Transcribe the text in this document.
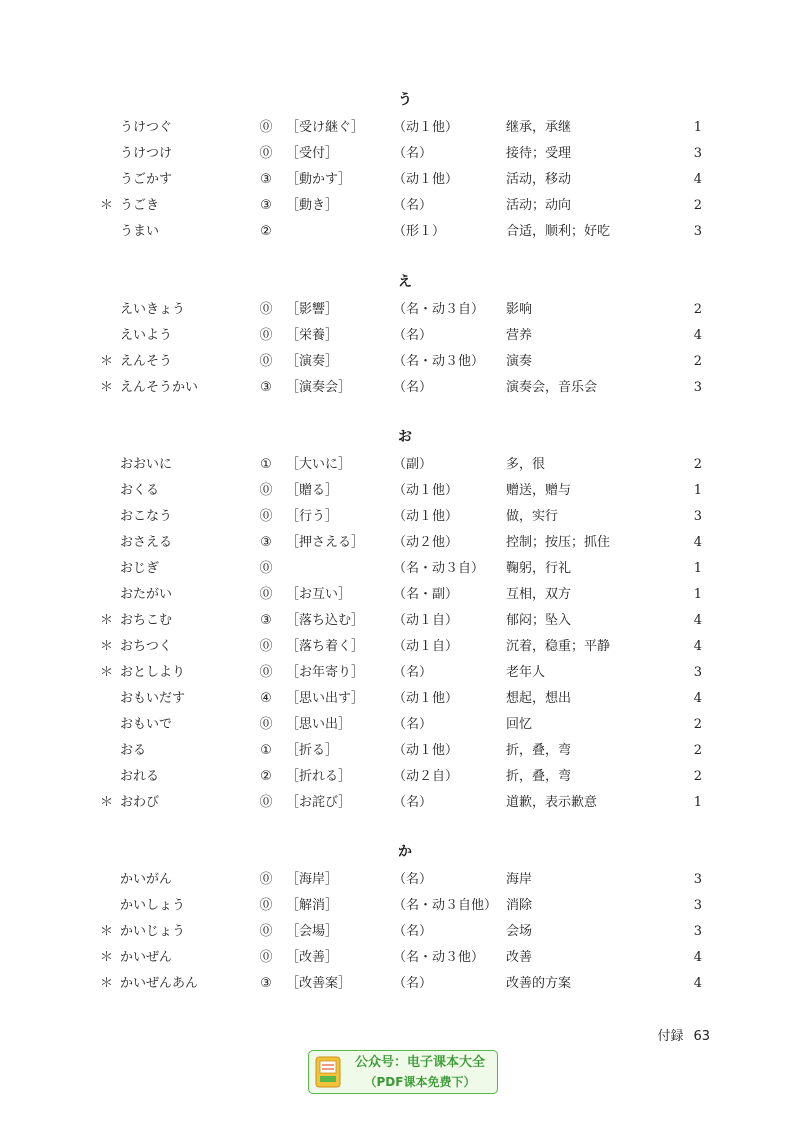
う
うけつぐ	⓪ ［受け継ぐ］ （动１他）	继承，承继	1
うけつけ	⓪ ［受付］	（名）	接待；受理	3
うごかす	③	［動かす］	（动１他）	活动，移动	4
＊ うごき	③	［動き］	（名）	活动；动向	2
うまい	②	（形１）	合适，顺利；好吃	3
え
えいきょう	⓪ ［影響］	（名・动３自） 影响	2
えいよう	⓪ ［栄養］	（名）	营养	4
＊ えんそう	⓪ ［演奏］	（名・动３他） 演奏	2
＊ えんそうかい	③	［演奏会］	（名）	演奏会，音乐会	3
お
おおいに	①	［大いに］	（副）	多，很	2
おくる	⓪ ［贈る］	（动１他）	赠送，赠与	1
おこなう	⓪ ［行う］	（动１他）	做，实行	3
おさえる	③	［押さえる］ （动２他）	控制；按压；抓住	4
おじぎ	⓪	（名・动３自） 鞠躬，行礼	1
おたがい	⓪ ［お互い］	（名・副）	互相，双方	1
＊ おちこむ	③	［落ち込む］ （动１自）	郁闷；坠入	4
＊ おちつく	⓪ ［落ち着く］ （动１自）	沉着，稳重；平静	4
＊ おとしより	⓪ ［お年寄り］ （名）	老年人	3
おもいだす	④	［思い出す］ （动１他）	想起，想出	4
おもいで	⓪ ［思い出］	（名）	回忆	2
おる	①	［折る］	（动１他）	折，叠，弯	2
おれる	②	［折れる］	（动２自）	折，叠，弯	2
＊ おわび	⓪ ［お詫び］	（名）	道歉，表示歉意	1
か
かいがん	⓪ ［海岸］	（名）	海岸	3
かいしょう	⓪ ［解消］	（名・动３自他） 消除	3
＊ かいじょう	⓪ ［会場］	（名）	会场	3
＊ かいぜん	⓪ ［改善］	（名・动３他） 改善	4
＊ かいぜんあん	③	［改善案］	（名）	改善的方案	4
付録 63
公众号：电子课本大全
（PDF课本免费下）
